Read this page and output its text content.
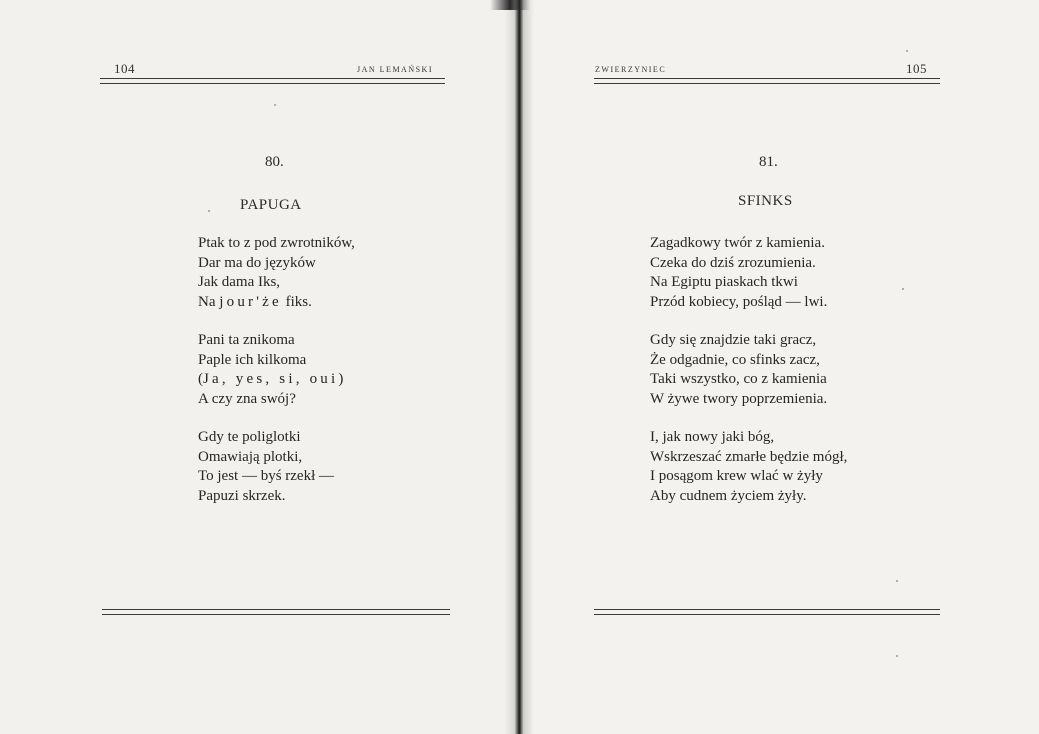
104	JAN LEMAŃSKI
80.
PAPUGA
Ptak to z pod zwrotników,
Dar ma do języków
Jak dama Iks,
Na jour'że fiks.
Pani ta znikoma
Paple ich kilkoma
(Ja, yes, si, oui)
A czy zna swój?
Gdy te poliglotki
Omawiają plotki,
To jest — byś rzekł —
Papuzi skrzek.
ZWIERZYNIEC	105
81.
SFINKS
Zagadkowy twór z kamienia.
Czeka do dziś zrozumienia.
Na Egiptu piaskach tkwi
Przód kobiecy, pośląd — lwi.
Gdy się znajdzie taki gracz,
Że odgadnie, co sfinks zacz,
Taki wszystko, co z kamienia
W żywe twory poprzemienia.
I, jak nowy jaki bóg,
Wskrzeszać zmarłe będzie mógł,
I posągom krew wlać w żyły
Aby cudnem życiem żyły.
